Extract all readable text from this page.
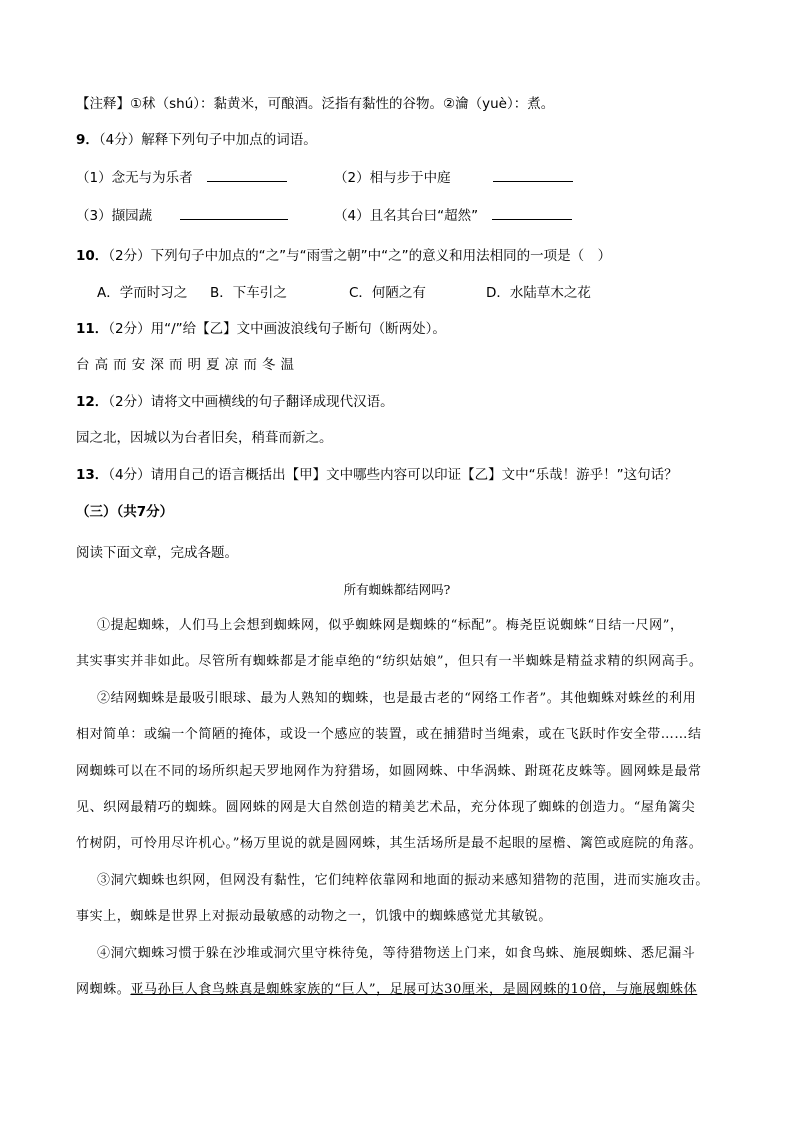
【注释】①秫（shú）：黏黄米，可酿酒。泛指有黏性的谷物。②瀹（yuè）：煮。
9．（4分）解释下列句子中加点的词语。
（1）念无与为乐者	（2）相与步于中庭
（3）撷园蔬	（4）且名其台曰“超然”
10．（2分）下列句子中加点的“之”与“雨雪之朝”中“之”的意义和用法相同的一项是（　）
A．学而时习之 B．下车引之	C．何陋之有	D．水陆草木之花
11．（2分）用“/”给【乙】文中画波浪线句子断句（断两处）。
台 高 而 安 深 而 明 夏 凉 而 冬 温
12．（2分）请将文中画横线的句子翻译成现代汉语。
园之北，因城以为台者旧矣，稍葺而新之。
13．（4分）请用自己的语言概括出【甲】文中哪些内容可以印证【乙】文中“乐哉！游乎！”这句话？
（三）（共7分）
阅读下面文章，完成各题。
所有蜘蛛都结网吗?
①提起蜘蛛，人们马上会想到蜘蛛网，似乎蜘蛛网是蜘蛛的“标配”。梅尧臣说蜘蛛“日结一尺网”，
其实事实并非如此。尽管所有蜘蛛都是才能卓绝的“纺织姑娘”，但只有一半蜘蛛是精益求精的织网高手。
②结网蜘蛛是最吸引眼球、最为人熟知的蜘蛛，也是最古老的“网络工作者”。其他蜘蛛对蛛丝的利用
相对简单：或编一个简陋的掩体，或设一个感应的装置，或在捕猎时当绳索，或在飞跃时作安全带……结
网蜘蛛可以在不同的场所织起天罗地网作为狩猎场，如圆网蛛、中华涡蛛、跗斑花皮蛛等。圆网蛛是最常
见、织网最精巧的蜘蛛。圆网蛛的网是大自然创造的精美艺术品，充分体现了蜘蛛的创造力。“屋角篱尖
竹树阴，可怜用尽许机心。”杨万里说的就是圆网蛛，其生活场所是最不起眼的屋檐、篱笆或庭院的角落。
③洞穴蜘蛛也织网，但网没有黏性，它们纯粹依靠网和地面的振动来感知猎物的范围，进而实施攻击。
事实上，蜘蛛是世界上对振动最敏感的动物之一，饥饿中的蜘蛛感觉尤其敏锐。
④洞穴蜘蛛习惯于躲在沙堆或洞穴里守株待兔，等待猎物送上门来，如食鸟蛛、施展蜘蛛、悉尼漏斗
网蜘蛛。亚马孙巨人食鸟蛛真是蜘蛛家族的“巨人”，足展可达30厘米，是圆网蛛的10倍，与施展蜘蛛体
